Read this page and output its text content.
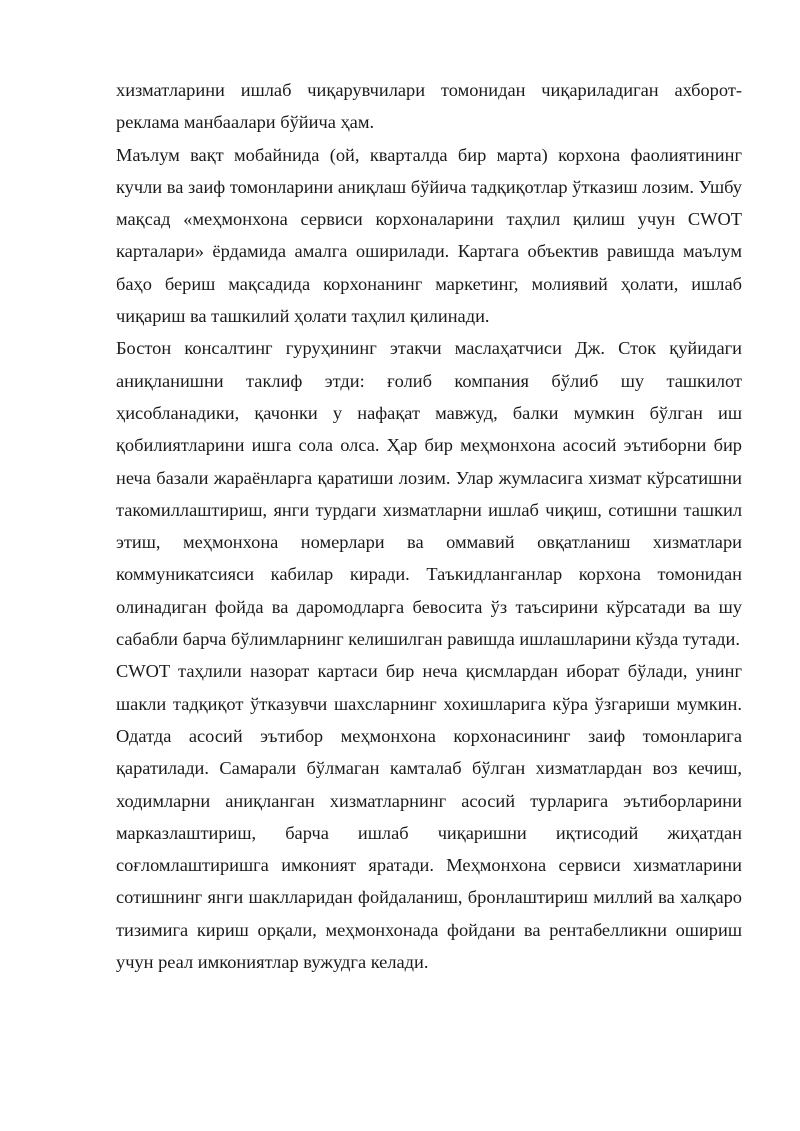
хизматларини ишлаб чиқарувчилари томонидан чиқариладиган ахборот-реклама манбаалари бўйича ҳам.

Маълум вақт мобайнида (ой, кварталда бир марта) корхона фаолиятининг кучли ва заиф томонларини аниқлаш бўйича тадқиқотлар ўтказиш лозим. Ушбу мақсад «меҳмонхона сервиси корхоналарини таҳлил қилиш учун CWOT карталари» ёрдамида амалга оширилади. Картага объектив равишда маълум баҳо бериш мақсадида корхонанинг маркетинг, молиявий ҳолати, ишлаб чиқариш ва ташкилий ҳолати таҳлил қилинади.

Бостон консалтинг гуруҳининг этакчи маслаҳатчиси Дж. Сток қуйидаги аниқланишни таклиф этди: ғолиб компания бўлиб шу ташкилот ҳисобланадики, қачонки у нафақат мавжуд, балки мумкин бўлган иш қобилиятларини ишга сола олса. Ҳар бир меҳмонхона асосий эътиборни бир неча базали жараёнларга қаратиши лозим. Улар жумласига хизмат кўрсатишни такомиллаштириш, янги турдаги хизматларни ишлаб чиқиш, сотишни ташкил этиш, меҳмонхона номерлари ва оммавий овқатланиш хизматлари коммуникатсияси кабилар киради. Таъкидланганлар корхона томонидан олинадиган фойда ва даромодларга бевосита ўз таъсирини кўрсатади ва шу сабабли барча бўлимларнинг келишилган равишда ишлашларини кўзда тутади.

CWOT таҳлили назорат картаси бир неча қисмлардан иборат бўлади, унинг шакли тадқиқот ўтказувчи шахсларнинг хохишларига кўра ўзгариши мумкин. Одатда асосий эътибор меҳмонхона корхонасининг заиф томонларига қаратилади. Самарали бўлмаган камталаб бўлган хизматлардан воз кечиш, ходимларни аниқланган хизматларнинг асосий турларига эътиборларини марказлаштириш, барча ишлаб чиқаришни иқтисодий жиҳатдан соғломлаштиришга имконият яратади. Меҳмонхона сервиси хизматларини сотишнинг янги шаклларидан фойдаланиш, бронлаштириш миллий ва халқаро тизимига кириш орқали, меҳмонхонада фойдани ва рентабелликни ошириш учун реал имкониятлар вужудга келади.
